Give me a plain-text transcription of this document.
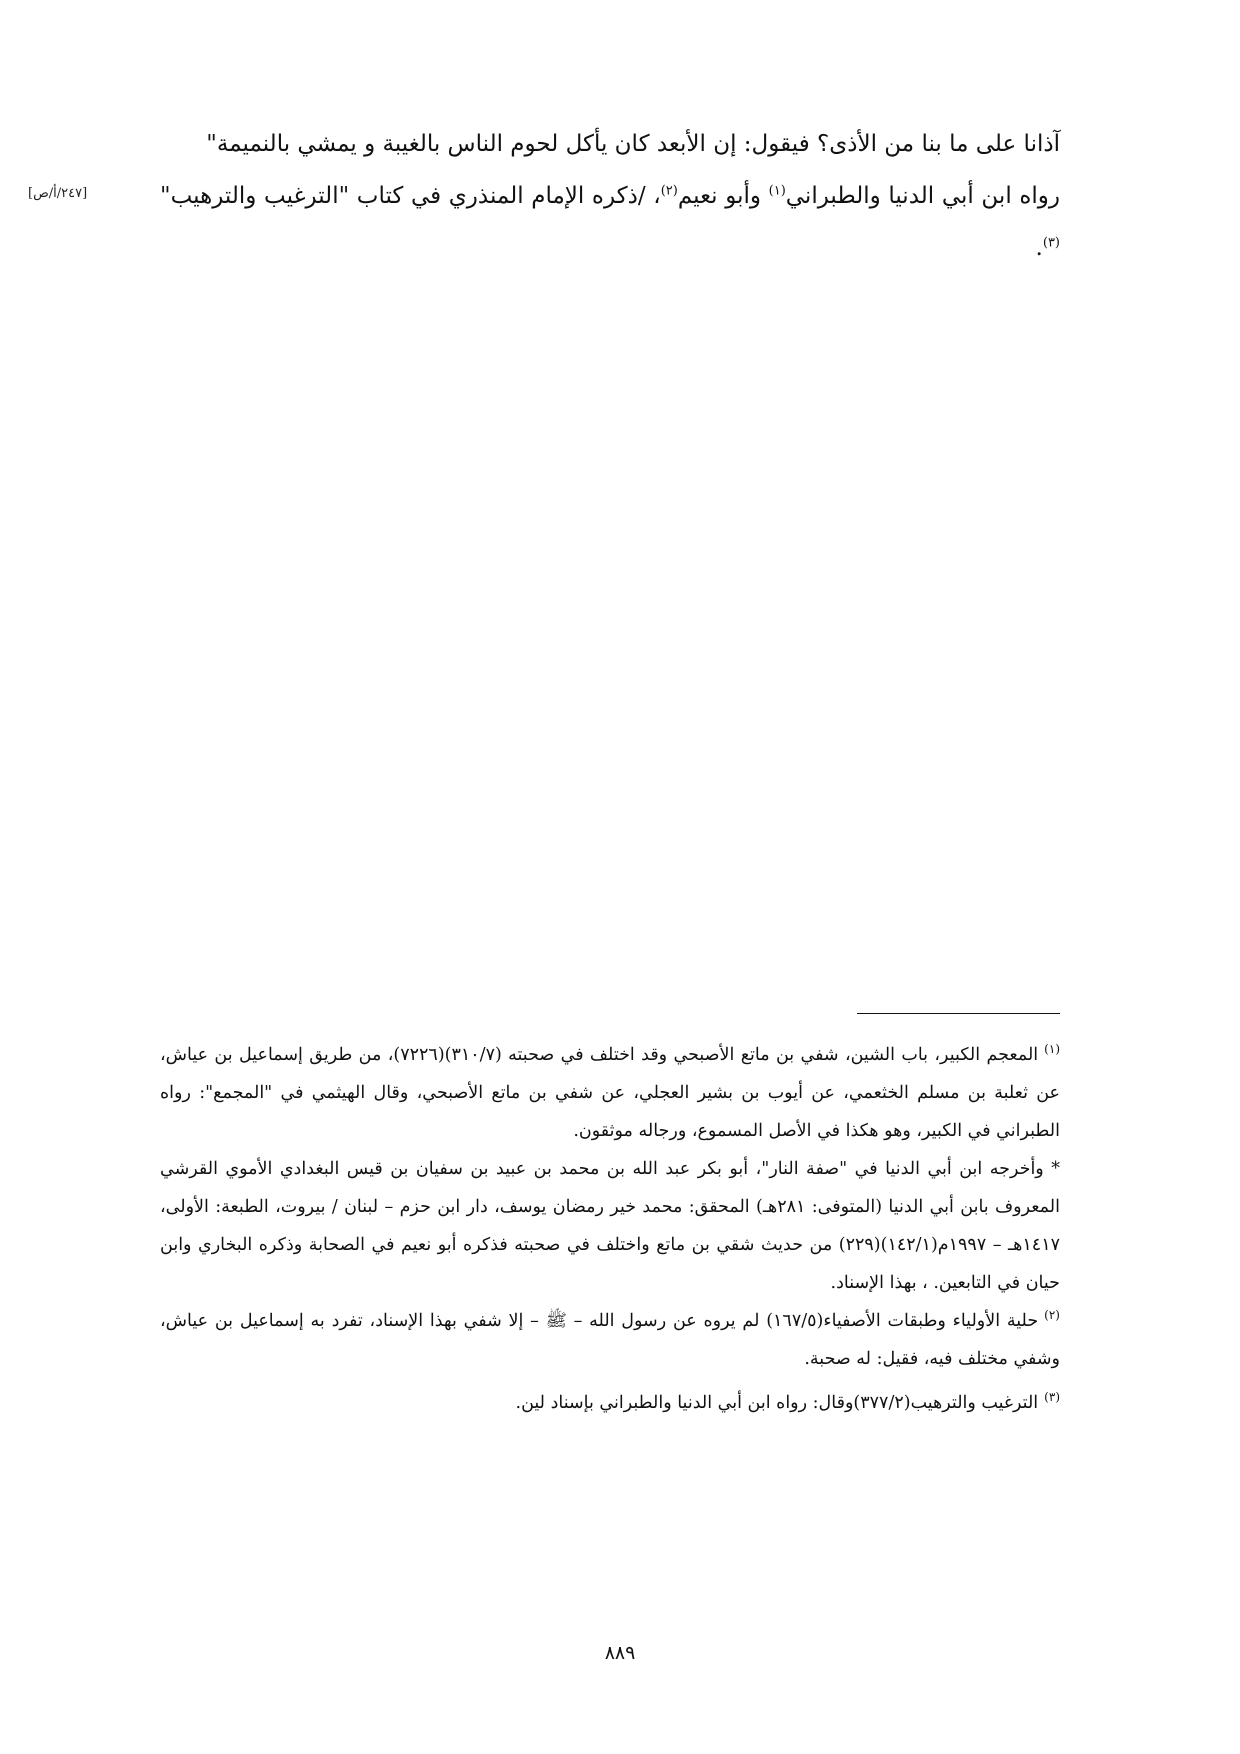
آذانا على ما بنا من الأذى؟ فيقول: إن الأبعد كان يأكل لحوم الناس بالغيبة و يمشي بالنميمة"

رواه ابن أبي الدنيا والطبراني$^{(١)}$ وأبو نعيم$^{(٢)}$، /ذكره الإمام المنذري في كتاب "الترغيب والترهيب"$^{(٣)}$.

[٢٤٧/أ/ص]

$^{(١)}$المعجم الكبير، باب الشين، شفي بن ماتع الأصبحي وقد اختلف في صحبته (٣١٠/٧)(٧٢٢٦)، من طريق إسماعيل بن عياش، عن ثعلبة بن مسلم الخثعمي، عن أيوب بن بشير العجلي، عن شفي بن ماتع الأصبحي، وقال الهيثمي في "المجمع": رواه الطبراني في الكبير، وهو هكذا في الأصل المسموع، ورجاله موثقون.

* وأخرجه ابن أبي الدنيا في "صفة النار"، أبو بكر عبد الله بن محمد بن عبيد بن سفيان بن قيس البغدادي الأموي القرشي المعروف بابن أبي الدنيا (المتوفى: ٢٨١هـ) المحقق: محمد خير رمضان يوسف، دار ابن حزم – لبنان / بيروت، الطبعة: الأولى، ١٤١٧هـ – ١٩٩٧م(١٤٢/١)(٢٢٩) من حديث شقي بن ماتع واختلف في صحبته فذكره أبو نعيم في الصحابة وذكره البخاري وابن حيان في التابعين. ، بهذا الإسناد.

$^{(٢)}$حلية الأولياء وطبقات الأصفياء(١٦٧/٥) لم يروه عن رسول الله – ﷺ – إلا شفي بهذا الإسناد، تفرد به إسماعيل بن عياش، وشفي مختلف فيه، فقيل: له صحبة.

$^{(٣)}$الترغيب والترهيب(٣٧٧/٢)وقال: رواه ابن أبي الدنيا والطبراني بإسناد لين.

٨٨٩
